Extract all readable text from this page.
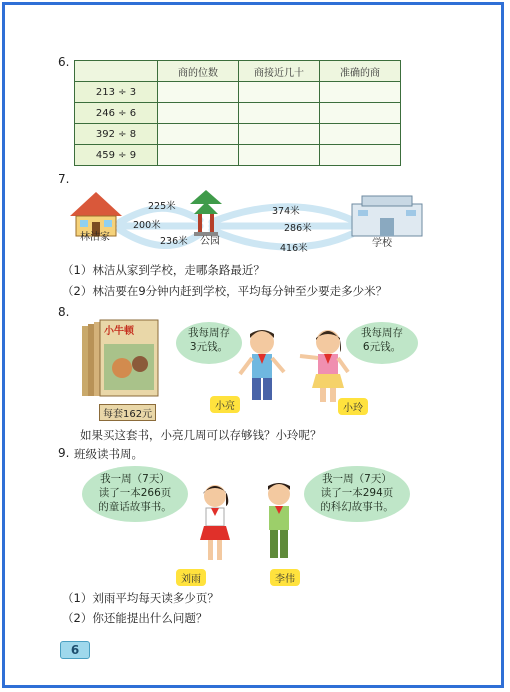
6.
	商的位数	商接近几十	准确的商
213 ÷ 3			
246 ÷ 6			
392 ÷ 8			
459 ÷ 9			
7.
林洁家	公园	学校
225米
200米
236米
374米
286米
416米
（1）林洁从家到学校，走哪条路最近？
（2）林洁要在9分钟内赶到学校，平均每分钟至少要走多少米？
8.
小牛顿
每套162元
我每周存
3元钱。
我每周存
6元钱。
小亮	小玲
如果买这套书，小亮几周可以存够钱？小玲呢？
9. 班级读书周。
我一周（7天）
读了一本266页
的童话故事书。
我一周（7天）
读了一本294页
的科幻故事书。
刘雨	李伟
（1）刘雨平均每天读多少页？
（2）你还能提出什么问题？
6
